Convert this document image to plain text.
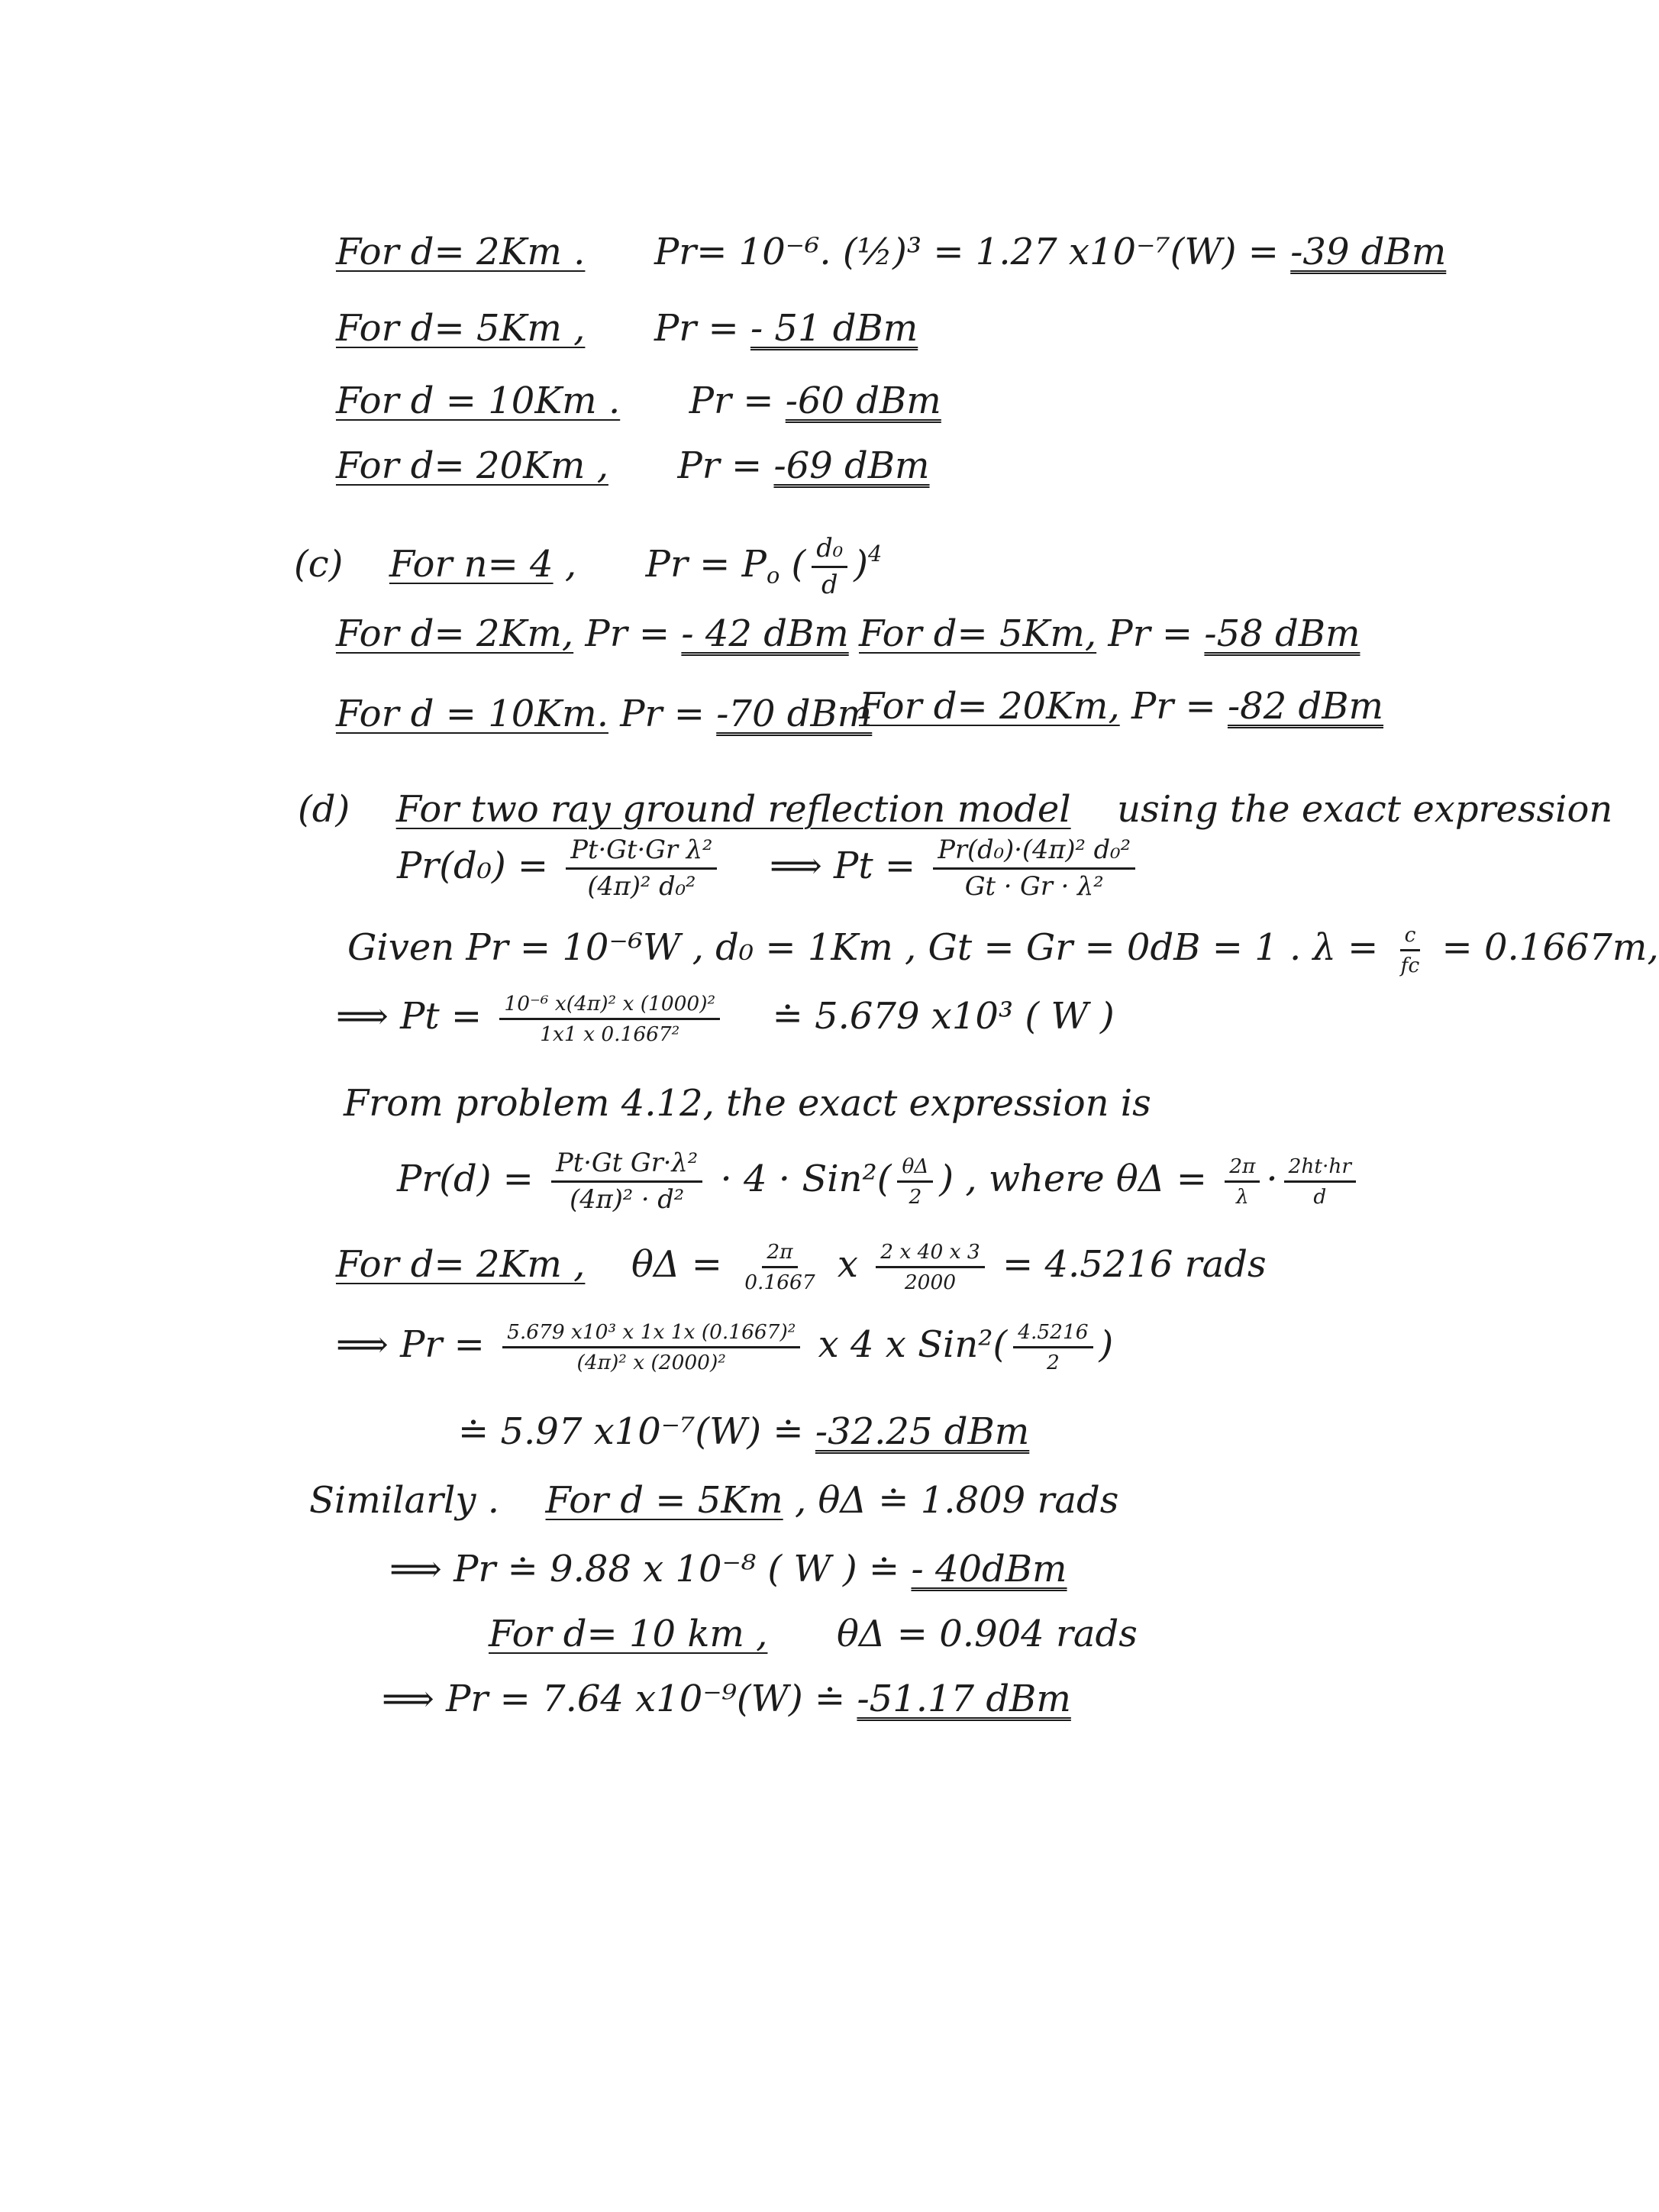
For d= 2Km . Pr= 10⁻⁶. (½)³ = 1.27 x10⁻⁷(W) = -39 dBm
For d= 5Km , Pr = - 51 dBm
For d = 10Km . Pr = -60 dBm
For d= 20Km , Pr = -69 dBm
(c) For n= 4 , $Pr = P_o$ ( $\frac{\text{d₀}}{d} )^4$
For d= 2Km, Pr = - 42 dBm For d= 5Km, Pr = -58 dBm
For d = 10Km. Pr = -70 dBm
For d= 20Km, Pr = -82 dBm
(d) For two ray ground reflection model using the exact expression
$Pr(d_0) = \frac{\text{Pt·Gt·Gr λ²}}{\text{(4π)² d₀²}}$ ⟹ $Pt = \frac{\text{Pr(d₀)·(4π)² d₀²}}{\text{Gt · Gr · λ²}}$
Given Pr = 10⁻⁶W , d₀ = 1Km , Gt = Gr = 0dB = 1 . $\lambda = \frac{c}{fc} = 0.1667m$,
⟹ $Pt = \frac{\text{10⁻⁶ x(4π)² x (1000)²}}{\text{1x1 x 0.1667²}}$ ≐ 5.679 x10³ ( W )
From problem 4.12, the exact expression is
$Pr(d) = \frac{\text{Pt·Gt Gr·λ²}}{\text{(4π)² · d²}} \cdot 4 \cdot Sin^2( \frac{\theta\Delta}{2}$ ) , where $\theta\Delta = \frac{2\pi}{\lambda} \cdot \frac{2ht\cdot hr}{d}$
For d= 2Km , $\theta\Delta = \frac{2\pi}{0.1667}$ x $\frac{2 x 40 x 3}{2000} = 4.5216$ rads
⟹ $Pr = \frac{\text{5.679 x10³ x 1x 1x (0.1667)²}}{\text{(4π)² x (2000)²}}$ x 4 x $Sin^2( \frac{4.5216}{2}$ )
≐ 5.97 x10⁻⁷(W) ≐ -32.25 dBm
Similarly . For d = 5Km , θΔ ≐ 1.809 rads
⟹ Pr ≐ 9.88 x 10⁻⁸ ( W ) ≐ - 40dBm
For d= 10 km , θΔ = 0.904 rads
⟹ Pr = 7.64 x10⁻⁹(W) ≐ -51.17 dBm
